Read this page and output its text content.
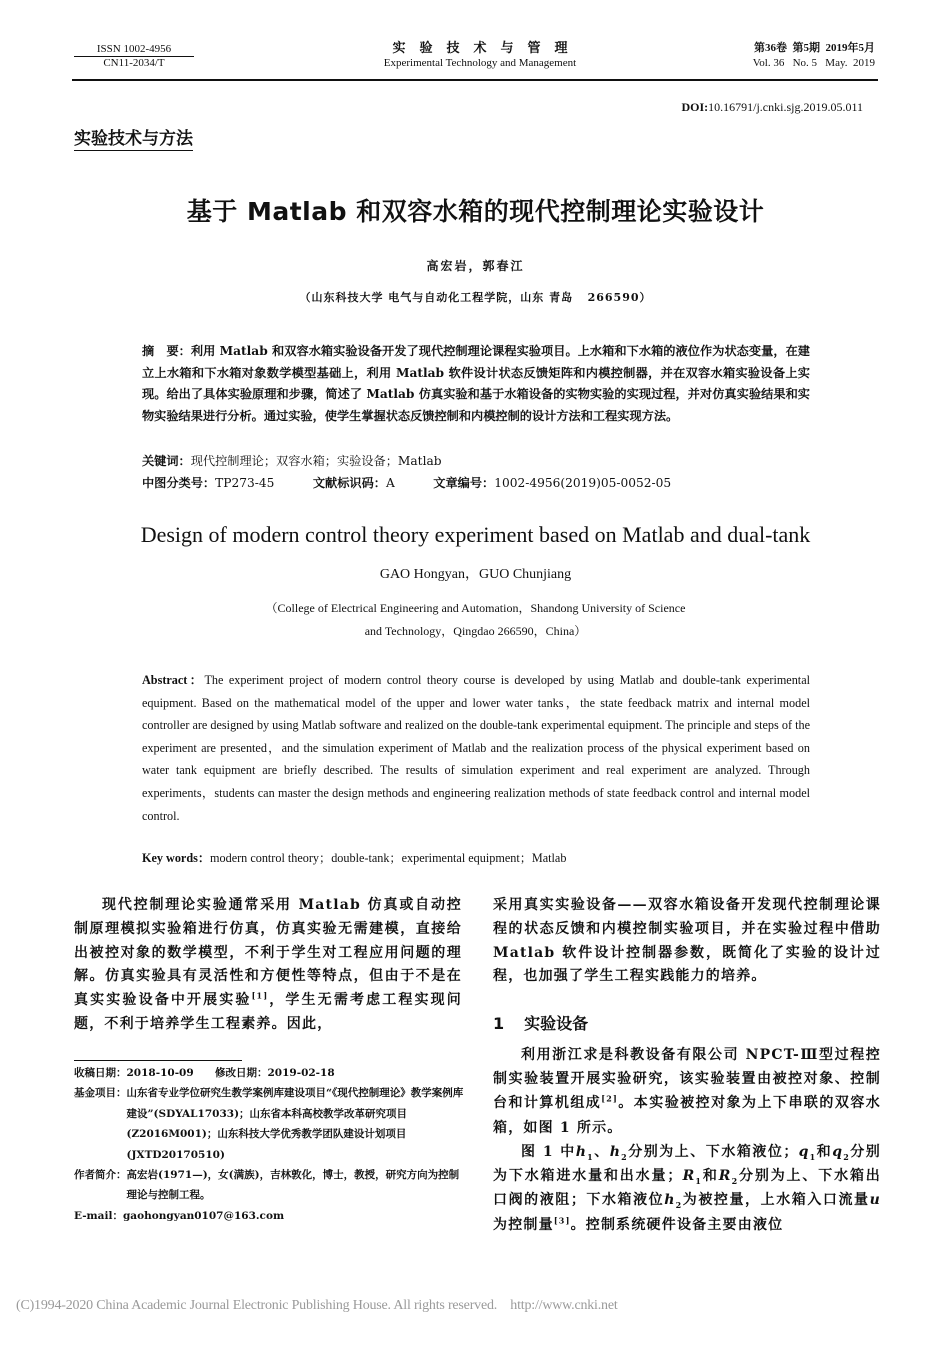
ISSN 1002-4956
CN11-2034/T
实验技术与管理
Experimental Technology and Management
第36卷  第5期  2019年5月
Vol. 36   No. 5   May.  2019
DOI:10.16791/j.cnki.sjg.2019.05.011
实验技术与方法
基于 Matlab 和双容水箱的现代控制理论实验设计
高宏岩，郭春江
（山东科技大学 电气与自动化工程学院，山东 青岛   266590）
摘　要：利用 Matlab 和双容水箱实验设备开发了现代控制理论课程实验项目。上水箱和下水箱的液位作为状态变量，在建立上水箱和下水箱对象数学模型基础上，利用 Matlab 软件设计状态反馈矩阵和内模控制器，并在双容水箱实验设备上实现。给出了具体实验原理和步骤，简述了 Matlab 仿真实验和基于水箱设备的实物实验的实现过程，并对仿真实验结果和实物实验结果进行分析。通过实验，使学生掌握状态反馈控制和内模控制的设计方法和工程实现方法。
关键词：现代控制理论；双容水箱；实验设备；Matlab
中图分类号：TP273-45	文献标识码：A	文章编号：1002-4956(2019)05-0052-05
Design of modern control theory experiment based on Matlab and dual-tank
GAO Hongyan，GUO Chunjiang
（College of Electrical Engineering and Automation，Shandong University of Science
and Technology，Qingdao 266590，China）
Abstract：The experiment project of modern control theory course is developed by using Matlab and double-tank experimental equipment. Based on the mathematical model of the upper and lower water tanks，the state feedback matrix and internal model controller are designed by using Matlab software and realized on the double-tank experimental equipment. The principle and steps of the experiment are presented，and the simulation experiment of Matlab and the realization process of the physical experiment based on water tank equipment are briefly described. The results of simulation experiment and real experiment are analyzed. Through experiments，students can master the design methods and engineering realization methods of state feedback control and internal model control.
Key words：modern control theory；double-tank；experimental equipment；Matlab
现代控制理论实验通常采用 Matlab 仿真或自动控制原理模拟实验箱进行仿真，仿真实验无需建模，直接给出被控对象的数学模型，不利于学生对工程应用问题的理解。仿真实验具有灵活性和方便性等特点，但由于不是在真实实验设备中开展实验[1]，学生无需考虑工程实现问题，不利于培养学生工程素养。因此，
收稿日期：2018-10-09 修改日期：2019-02-18
基金项目： 山东省专业学位研究生教学案例库建设项目“《现代控制理论》教学案例库建设”(SDYAL17033)；山东省本科高校教学改革研究项目(Z2016M001)；山东科技大学优秀教学团队建设计划项目(JXTD20170510)
作者简介： 高宏岩(1971—)，女(满族)，吉林敦化，博士，教授，研究方向为控制理论与控制工程。
E-mail：gaohongyan0107@163.com
采用真实实验设备——双容水箱设备开发现代控制理论课程的状态反馈和内模控制实验项目，并在实验过程中借助 Matlab 软件设计控制器参数，既简化了实验的设计过程，也加强了学生工程实践能力的培养。
1 实验设备
利用浙江求是科教设备有限公司 NPCT-Ⅲ型过程控制实验装置开展实验研究，该实验装置由被控对象、控制台和计算机组成[2]。本实验被控对象为上下串联的双容水箱，如图 1 所示。
图 1 中$h_1$、$h_2$分别为上、下水箱液位；$q_1$和$q_2$分别为下水箱进水量和出水量；$R_1$和$R_2$分别为上、下水箱出口阀的液阻；下水箱液位$h_2$为被控量，上水箱入口流量u为控制量[3]。控制系统硬件设备主要由液位
(C)1994-2020 China Academic Journal Electronic Publishing House. All rights reserved.    http://www.cnki.net
